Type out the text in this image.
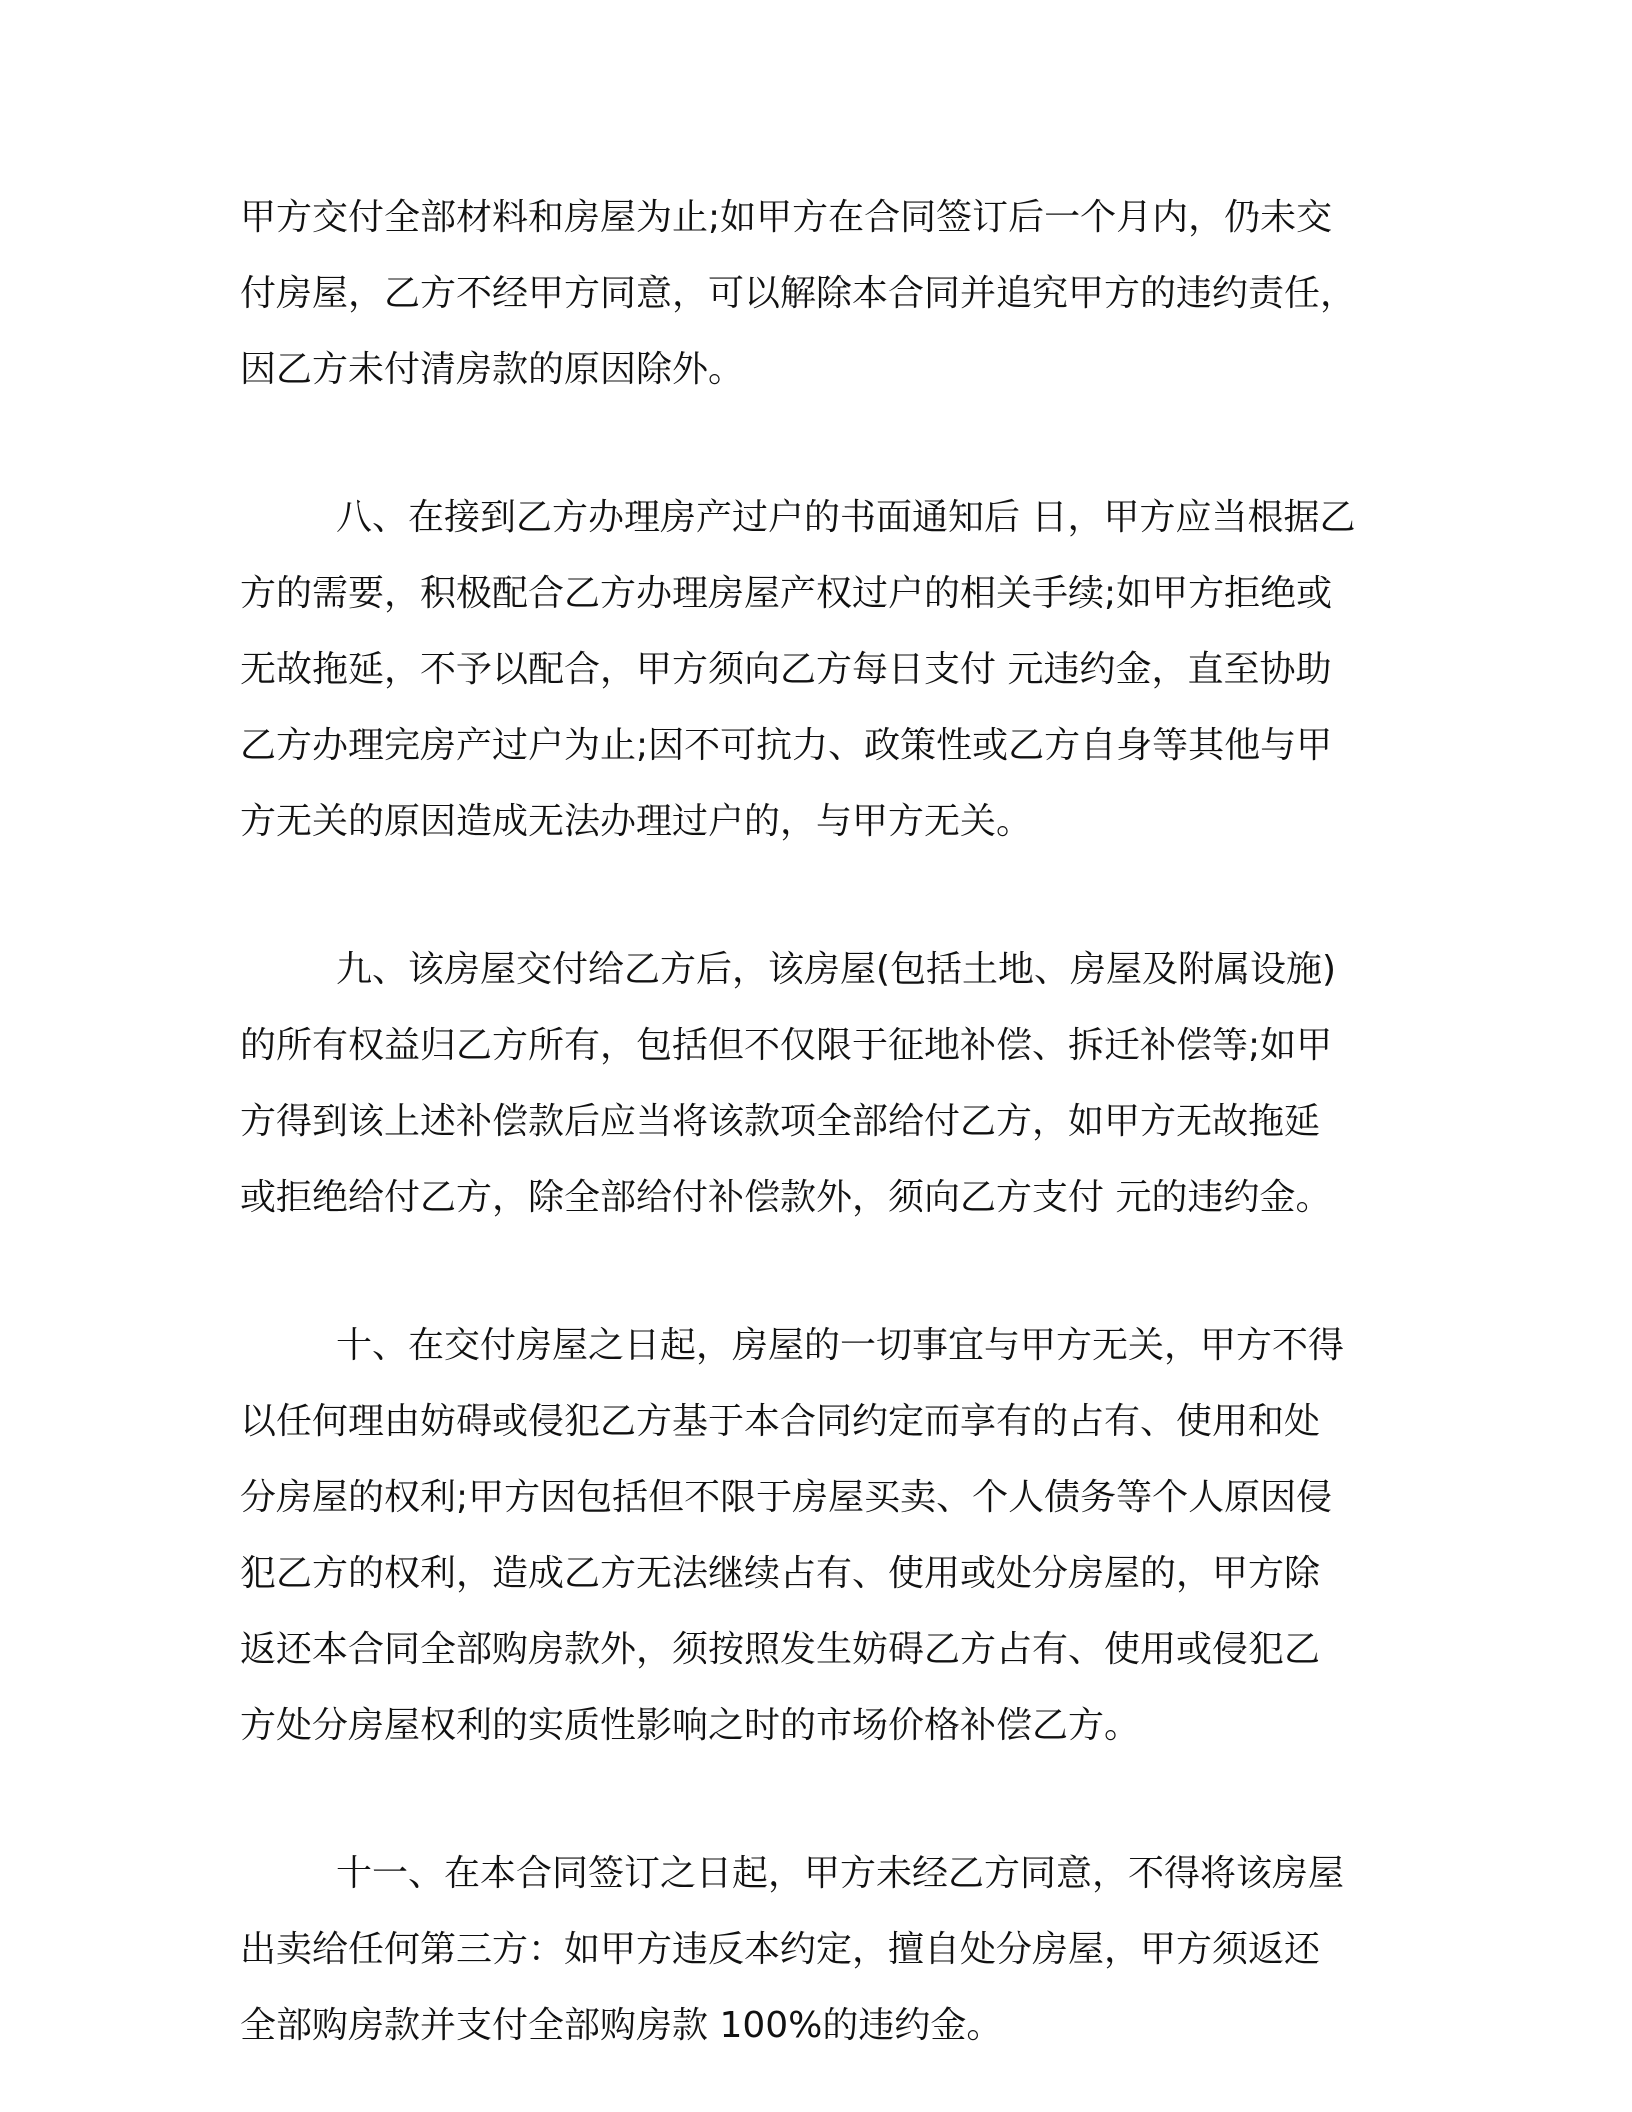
甲方交付全部材料和房屋为止;如甲方在合同签订后一个月内，仍未交
付房屋，乙方不经甲方同意，可以解除本合同并追究甲方的违约责任，
因乙方未付清房款的原因除外。
八、在接到乙方办理房产过户的书面通知后 日，甲方应当根据乙
方的需要，积极配合乙方办理房屋产权过户的相关手续;如甲方拒绝或
无故拖延，不予以配合，甲方须向乙方每日支付 元违约金，直至协助
乙方办理完房产过户为止;因不可抗力、政策性或乙方自身等其他与甲
方无关的原因造成无法办理过户的，与甲方无关。
九、该房屋交付给乙方后，该房屋(包括土地、房屋及附属设施)
的所有权益归乙方所有，包括但不仅限于征地补偿、拆迁补偿等;如甲
方得到该上述补偿款后应当将该款项全部给付乙方，如甲方无故拖延
或拒绝给付乙方，除全部给付补偿款外，须向乙方支付 元的违约金。
十、在交付房屋之日起，房屋的一切事宜与甲方无关，甲方不得
以任何理由妨碍或侵犯乙方基于本合同约定而享有的占有、使用和处
分房屋的权利;甲方因包括但不限于房屋买卖、个人债务等个人原因侵
犯乙方的权利，造成乙方无法继续占有、使用或处分房屋的，甲方除
返还本合同全部购房款外，须按照发生妨碍乙方占有、使用或侵犯乙
方处分房屋权利的实质性影响之时的市场价格补偿乙方。
十一、在本合同签订之日起，甲方未经乙方同意，不得将该房屋
出卖给任何第三方：如甲方违反本约定，擅自处分房屋，甲方须返还
全部购房款并支付全部购房款 100%的违约金。
